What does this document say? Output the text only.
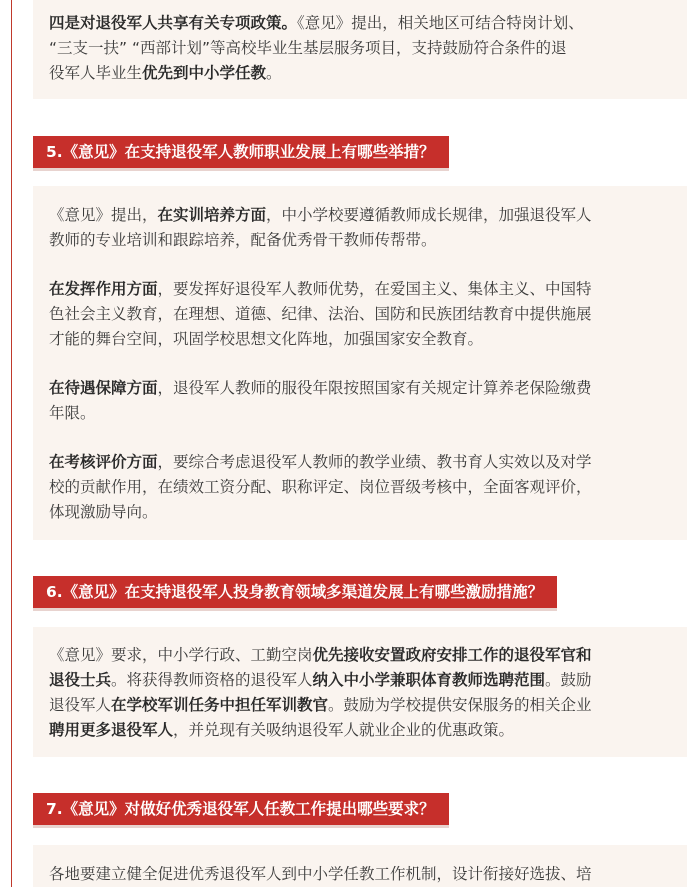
四是对退役军人共享有关专项政策。《意见》提出，相关地区可结合特岗计划、
“三支一扶” “西部计划”等高校毕业生基层服务项目，支持鼓励符合条件的退
役军人毕业生优先到中小学任教。
5.《意见》在支持退役军人教师职业发展上有哪些举措？

《意见》提出，在实训培养方面，中小学校要遵循教师成长规律，加强退役军人
教师的专业培训和跟踪培养，配备优秀骨干教师传帮带。

在发挥作用方面，要发挥好退役军人教师优势，在爱国主义、集体主义、中国特
色社会主义教育，在理想、道德、纪律、法治、国防和民族团结教育中提供施展
才能的舞台空间，巩固学校思想文化阵地，加强国家安全教育。

在待遇保障方面，退役军人教师的服役年限按照国家有关规定计算养老保险缴费
年限。

在考核评价方面，要综合考虑退役军人教师的教学业绩、教书育人实效以及对学
校的贡献作用，在绩效工资分配、职称评定、岗位晋级考核中，全面客观评价，
体现激励导向。

6.《意见》在支持退役军人投身教育领域多渠道发展上有哪些激励措施？

《意见》要求，中小学行政、工勤空岗优先接收安置政府安排工作的退役军官和
退役士兵。将获得教师资格的退役军人纳入中小学兼职体育教师选聘范围。鼓励
退役军人在学校军训任务中担任军训教官。鼓励为学校提供安保服务的相关企业
聘用更多退役军人，并兑现有关吸纳退役军人就业企业的优惠政策。

7.《意见》对做好优秀退役军人任教工作提出哪些要求？

各地要建立健全促进优秀退役军人到中小学任教工作机制，设计衔接好选拔、培
